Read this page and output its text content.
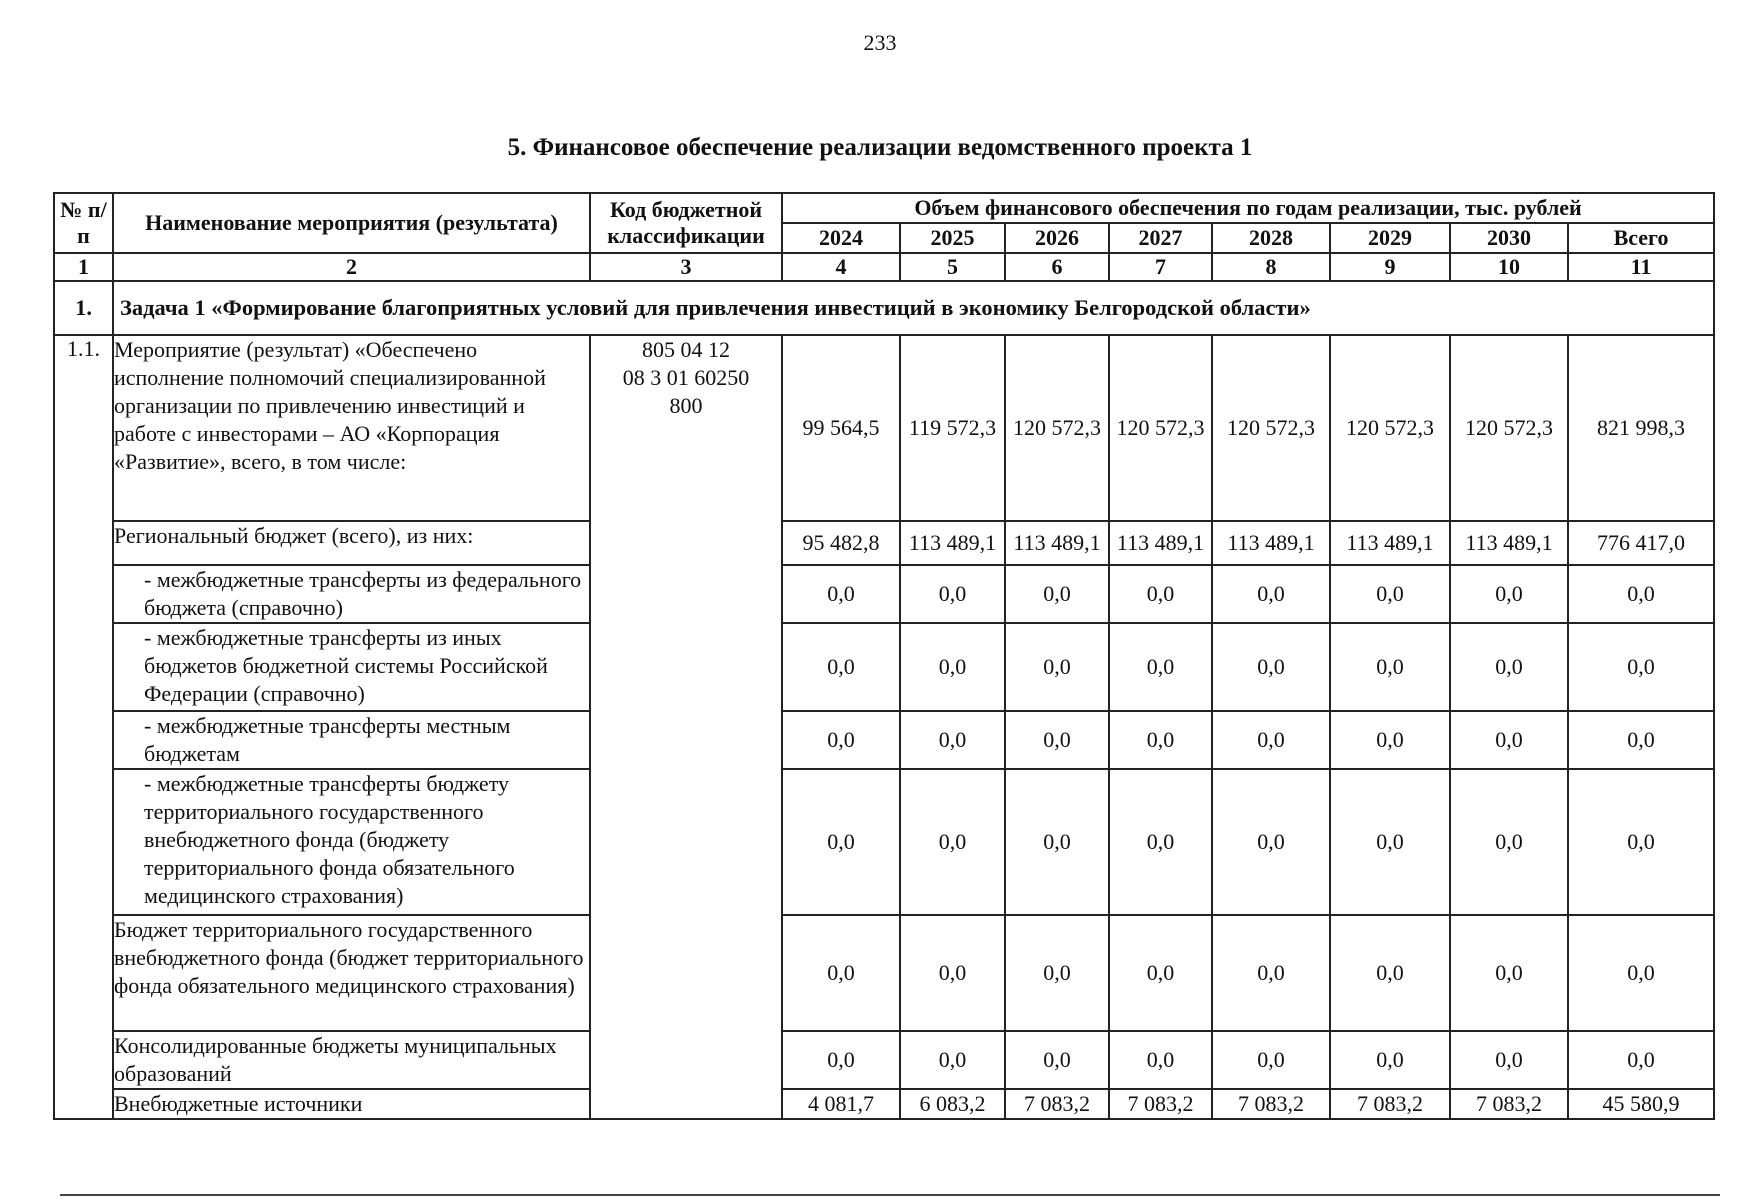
233
5. Финансовое обеспечение реализации ведомственного проекта 1
№ п/п	Наименование мероприятия (результата)	Код бюджетной классификации	Объем финансового обеспечения по годам реализации, тыс. рублей							
			2024	2025	2026	2027	2028	2029	2030	Всего
1	2	3	4	5	6	7	8	9	10	11
1.	Задача 1 «Формирование благоприятных условий для привлечения инвестиций в экономику Белгородской области»									
1.1.	Мероприятие (результат) «Обеспечено исполнение полномочий специализированной организации по привлечению инвестиций и работе с инвесторами – АО «Корпорация «Развитие», всего, в том числе:	805 04 12
08 3 01 60250
800	99 564,5	119 572,3	120 572,3	120 572,3	120 572,3	120 572,3	120 572,3	821 998,3
	Региональный бюджет (всего), из них:		95 482,8	113 489,1	113 489,1	113 489,1	113 489,1	113 489,1	113 489,1	776 417,0
	- межбюджетные трансферты из федерального бюджета (справочно)		0,0	0,0	0,0	0,0	0,0	0,0	0,0	0,0
	- межбюджетные трансферты из иных бюджетов бюджетной системы Российской Федерации (справочно)		0,0	0,0	0,0	0,0	0,0	0,0	0,0	0,0
	- межбюджетные трансферты местным бюджетам		0,0	0,0	0,0	0,0	0,0	0,0	0,0	0,0
	- межбюджетные трансферты бюджету территориального государственного внебюджетного фонда (бюджету территориального фонда обязательного медицинского страхования)		0,0	0,0	0,0	0,0	0,0	0,0	0,0	0,0
	Бюджет территориального государственного внебюджетного фонда (бюджет территориального фонда обязательного медицинского страхования)		0,0	0,0	0,0	0,0	0,0	0,0	0,0	0,0
	Консолидированные бюджеты муниципальных образований		0,0	0,0	0,0	0,0	0,0	0,0	0,0	0,0
	Внебюджетные источники		4 081,7	6 083,2	7 083,2	7 083,2	7 083,2	7 083,2	7 083,2	45 580,9
